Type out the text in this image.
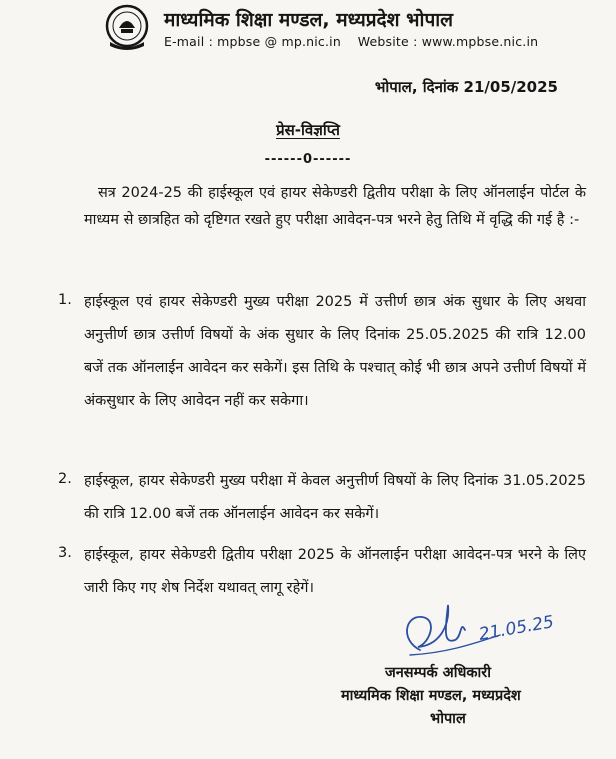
माध्यमिक शिक्षा मण्डल, मध्यप्रदेश भोपाल
E-mail : mpbse @ mp.nic.in Website : www.mpbse.nic.in
भोपाल, दिनांक 21/05/2025
प्रेस-विज्ञप्ति
------0------
सत्र 2024-25 की हाईस्कूल एवं हायर सेकेण्डरी द्वितीय परीक्षा के लिए ऑनलाईन पोर्टल के माध्यम से छात्रहित को दृष्टिगत रखते हुए परीक्षा आवेदन-पत्र भरने हेतु तिथि में वृद्धि की गई है :-
1. हाईस्कूल एवं हायर सेकेण्डरी मुख्य परीक्षा 2025 में उत्तीर्ण छात्र अंक सुधार के लिए अथवा अनुत्तीर्ण छात्र उत्तीर्ण विषयों के अंक सुधार के लिए दिनांक 25.05.2025 की रात्रि 12.00 बजें तक ऑनलाईन आवेदन कर सकेगें। इस तिथि के पश्चात् कोई भी छात्र अपने उत्तीर्ण विषयों में अंकसुधार के लिए आवेदन नहीं कर सकेगा।
2. हाईस्कूल, हायर सेकेण्डरी मुख्य परीक्षा में केवल अनुत्तीर्ण विषयों के लिए दिनांक 31.05.2025 की रात्रि 12.00 बजें तक ऑनलाईन आवेदन कर सकेगें।
3. हाईस्कूल, हायर सेकेण्डरी द्वितीय परीक्षा 2025 के ऑनलाईन परीक्षा आवेदन-पत्र भरने के लिए जारी किए गए शेष निर्देश यथावत् लागू रहेगें।
21.05.25
जनसम्पर्क अधिकारी
माध्यमिक शिक्षा मण्डल, मध्यप्रदेश
भोपाल
